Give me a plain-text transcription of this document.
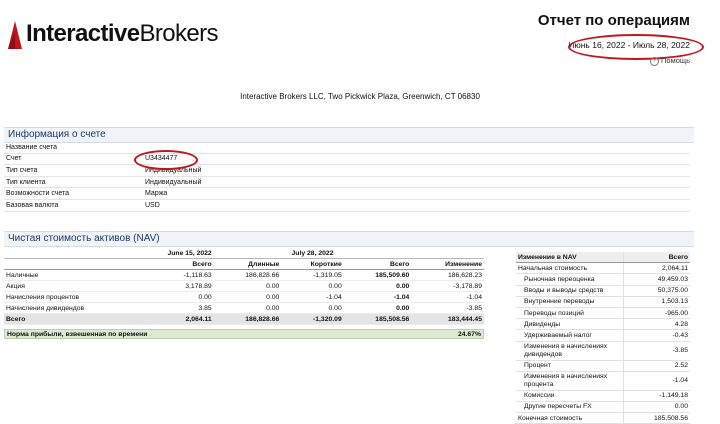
InteractiveBrokers	Отчет по операциям
Июнь 16, 2022 - Июль 28, 2022
? Помощь
Interactive Brokers LLC, Two Pickwick Plaza, Greenwich, CT 06830
Информация о счете
Название счета	
Счет	U3434477
Тип счета	Индивидуальный
Тип клиента	Индивидуальный
Возможности счета	Маржа
Базовая валюта	USD
Чистая стоимость активов (NAV)
	June 15, 2022	July 28, 2022			
	Всего	Длинные	Короткие	Всего	Изменение
Наличные	-1,118.63	186,828.66	-1,319.05	185,509.60	186,628.23
Акция	3,178.89	0.00	0.00	0.00	-3,178.89
Начисления процентов	0.00	0.00	-1.04	-1.04	-1.04
Начисления дивидендов	3.85	0.00	0.00	0.00	-3.85
Всего	2,064.11	186,828.66	-1,320.09	185,508.56	183,444.45
Норма прибыли, взвешенная по времени	24.67%
Изменение в NAV	Всего
Начальная стоимость	2,064.11
Рыночная переоценка	49,459.03
Вводы и выводы средств	50,375.00
Внутренние переводы	1,503.13
Переводы позиций	-965.00
Дивиденды	4.28
Удерживаемый налог	-0.43
Изменения в начислениях дивидендов	-3.85
Процент	2.52
Изменения в начислениях процента	-1.04
Комиссии	-1,149.18
Другие пересчеты FX	0.00
Конечная стоимость	185,508.56
